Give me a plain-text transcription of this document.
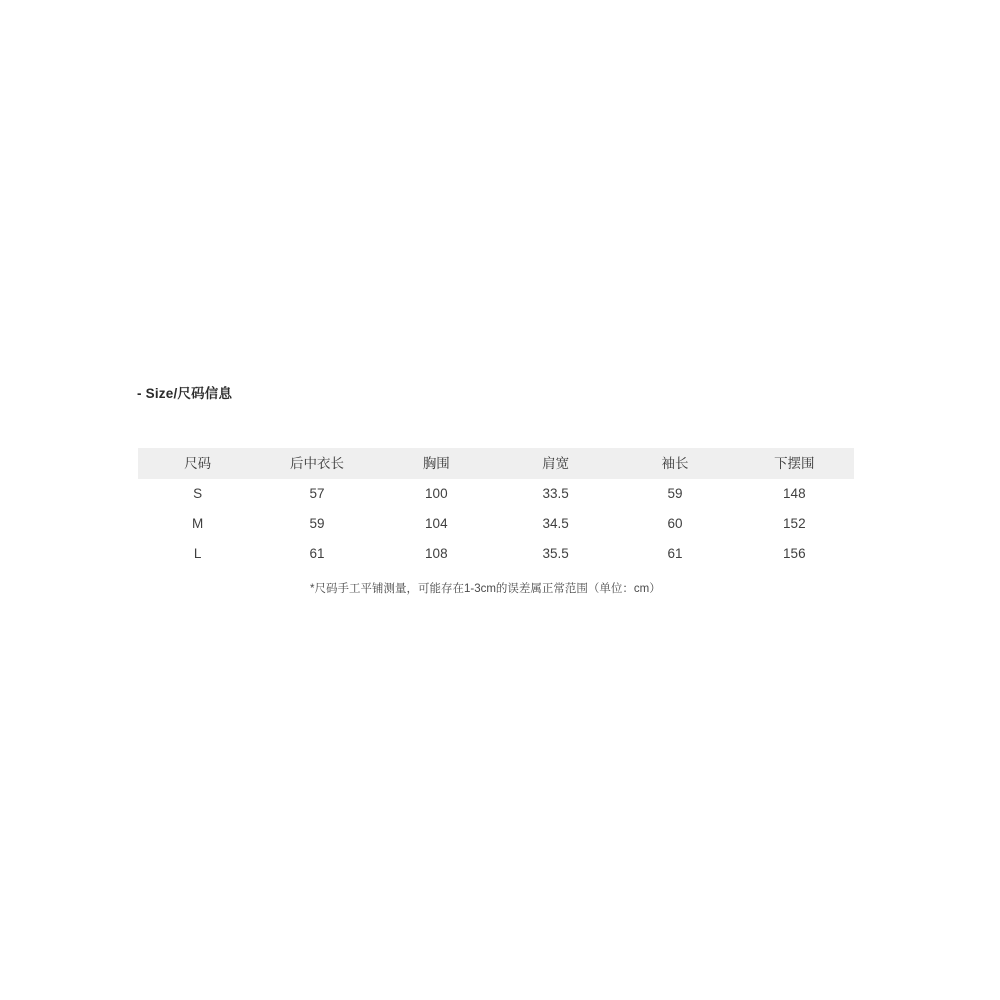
- Size/尺码信息
尺码	后中衣长	胸围	肩宽	袖长	下摆围
S	57	100	33.5	59	148
M	59	104	34.5	60	152
L	61	108	35.5	61	156
*尺码手工平铺测量，可能存在1-3cm的误差属正常范围（单位：cm）
